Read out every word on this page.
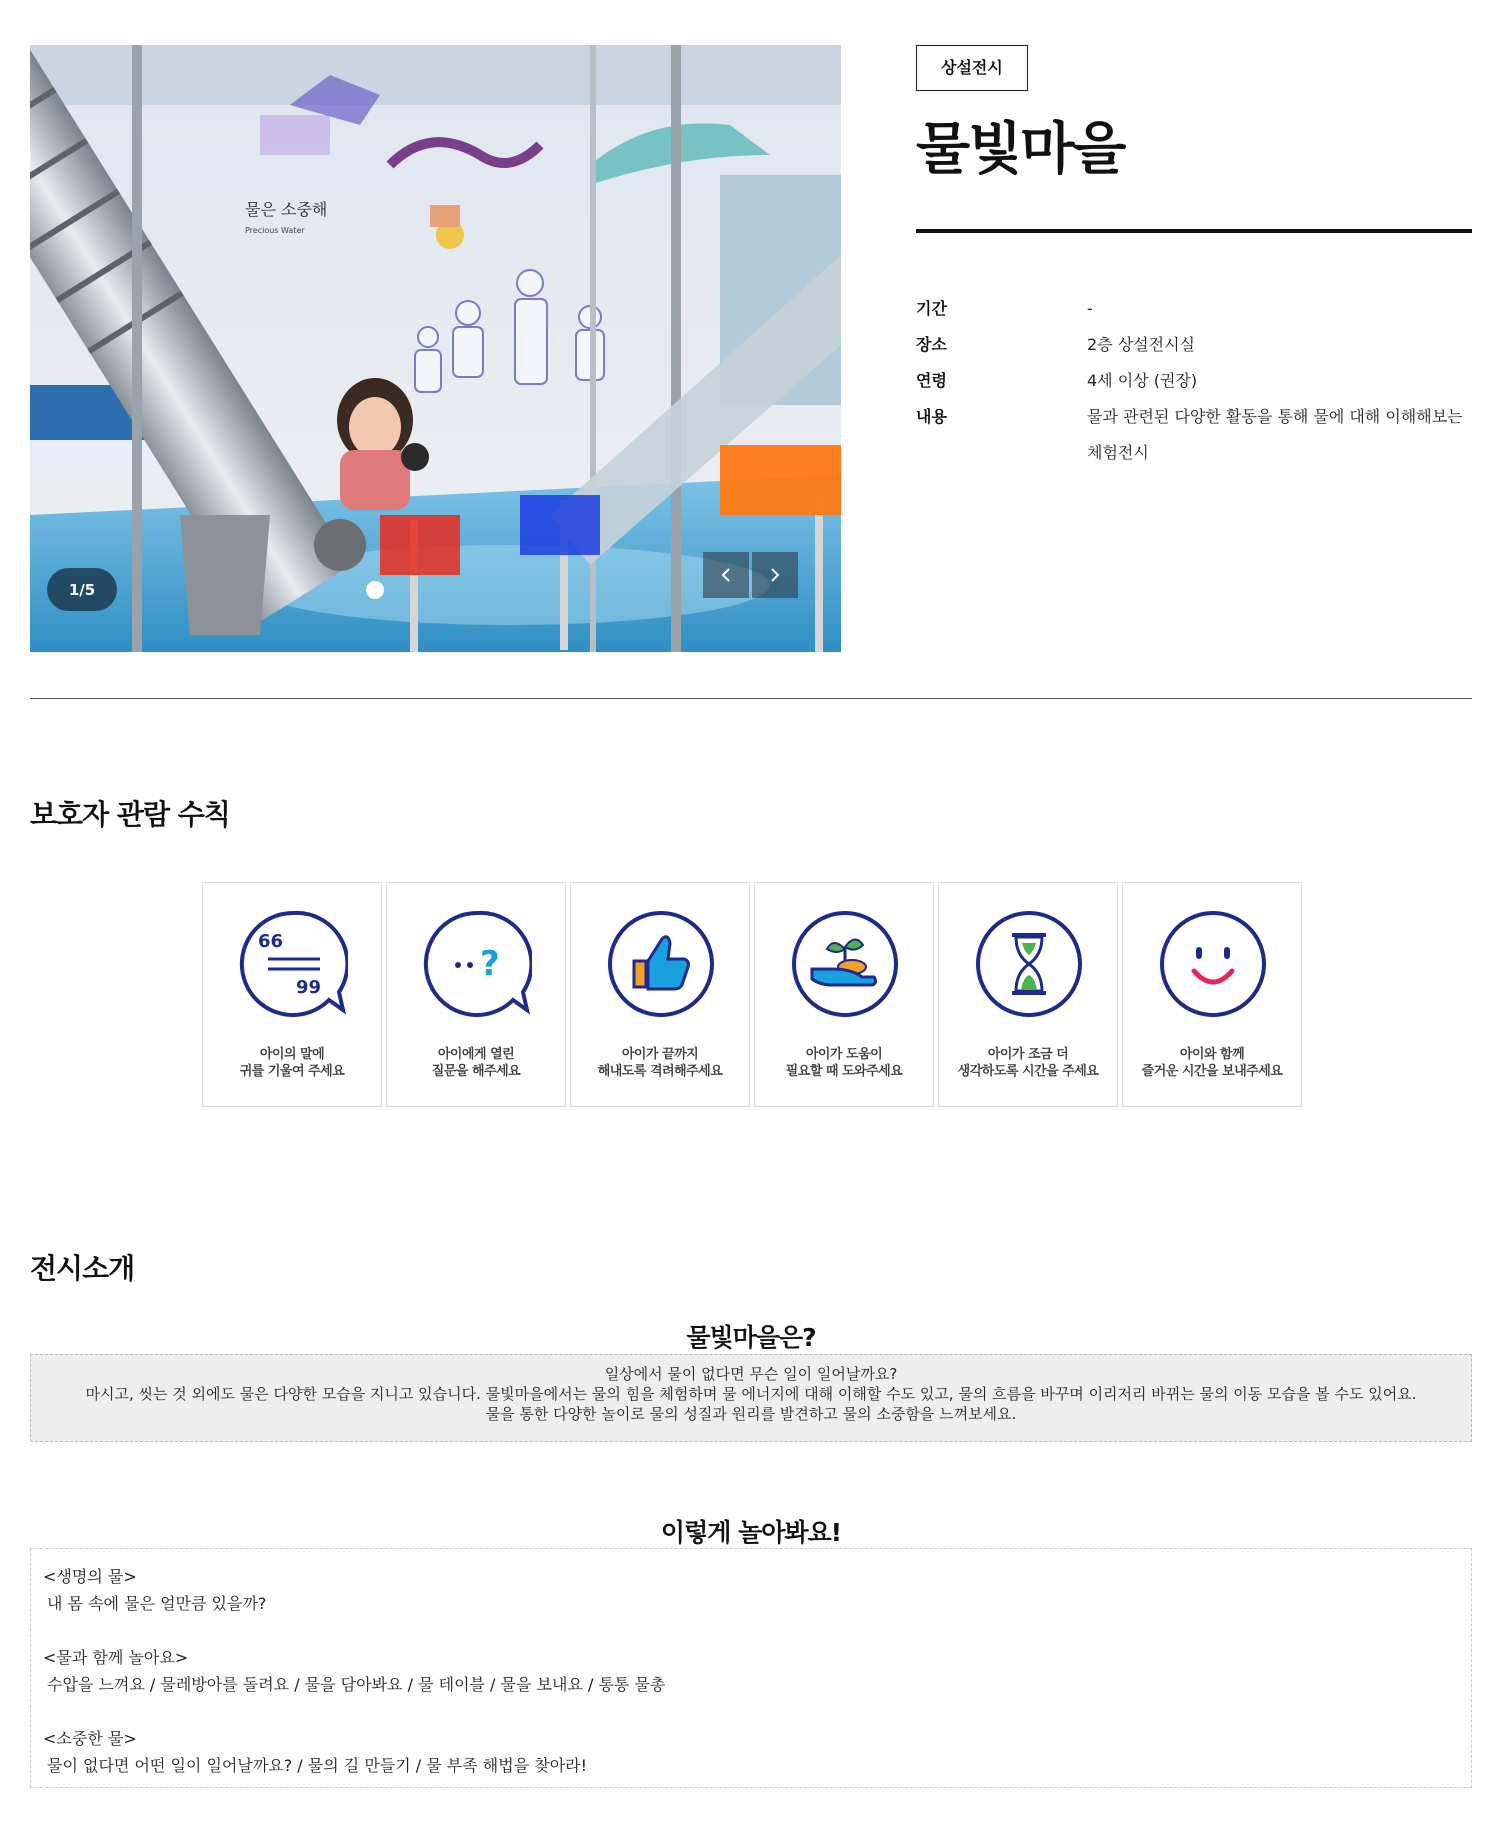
물은 소중해
Precious Water
1/5
상설전시
물빛마을
기간	-
장소	2층 상설전시실
연령	4세 이상 (권장)
내용	물과 관련된 다양한 활동을 통해 물에 대해 이해해보는 체험전시
보호자 관람 수칙
66
99
아이의 말에
귀를 기울여 주세요
?
아이에게 열린
질문을 해주세요
아이가 끝까지
해내도록 격려해주세요
아이가 도움이
필요할 때 도와주세요
아이가 조금 더
생각하도록 시간을 주세요
아이와 함께
즐거운 시간을 보내주세요
전시소개
물빛마을은?
일상에서 물이 없다면 무슨 일이 일어날까요?
마시고, 씻는 것 외에도 물은 다양한 모습을 지니고 있습니다. 물빛마을에서는 물의 힘을 체험하며 물 에너지에 대해 이해할 수도 있고, 물의 흐름을 바꾸며 이리저리 바뀌는 물의 이동 모습을 볼 수도 있어요.
물을 통한 다양한 놀이로 물의 성질과 원리를 발견하고 물의 소중함을 느껴보세요.
이렇게 놀아봐요!
<생명의 물>
내 몸 속에 물은 얼만큼 있을까?
<물과 함께 놀아요>
수압을 느껴요 / 물레방아를 돌려요 / 물을 담아봐요 / 물 테이블 / 물을 보내요 / 통통 물총
<소중한 물>
물이 없다면 어떤 일이 일어날까요? / 물의 길 만들기 / 물 부족 해법을 찾아라!
